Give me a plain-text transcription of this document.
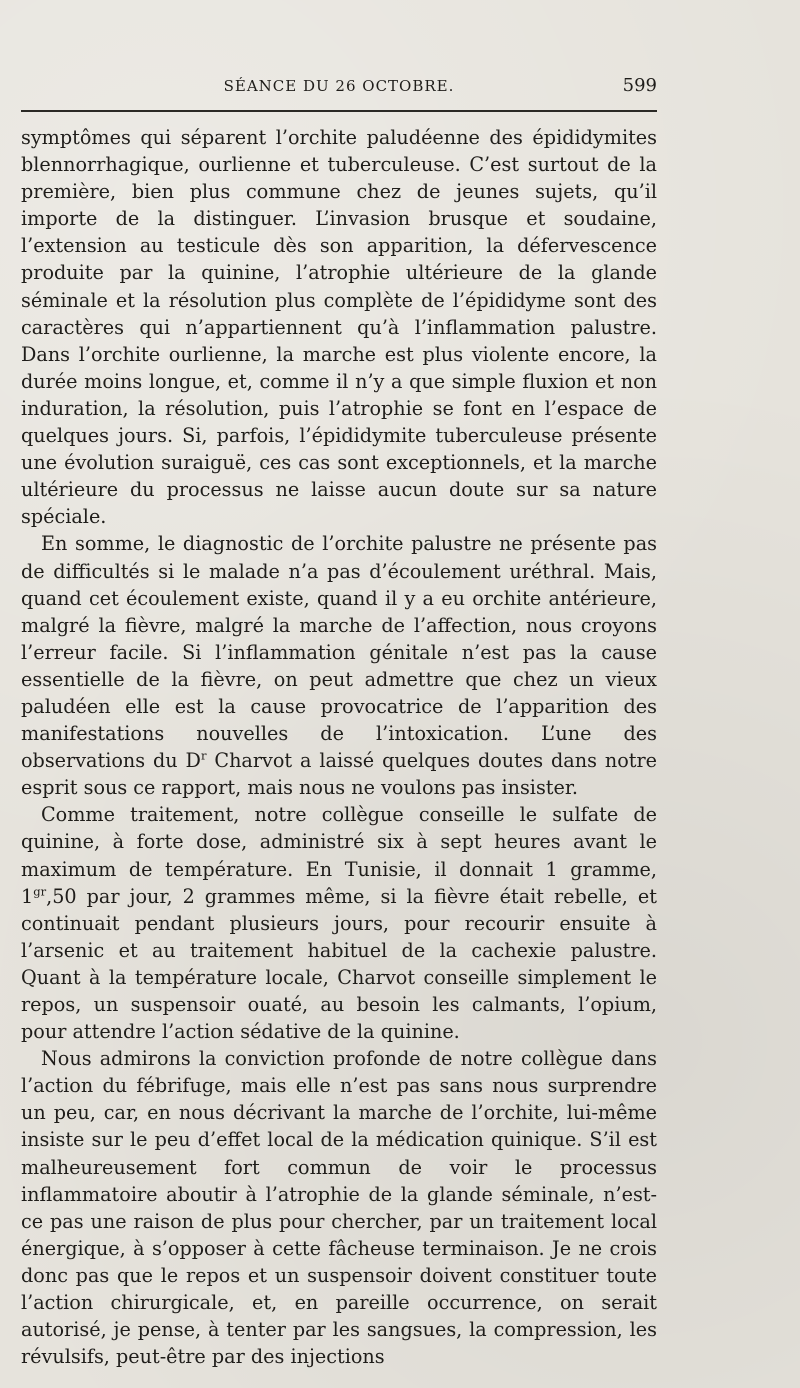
SÉANCE DU 26 OCTOBRE.	599

symptômes qui séparent l’orchite paludéenne des épididymites blennorrhagique, ourlienne et tuberculeuse. C’est surtout de la première, bien plus commune chez de jeunes sujets, qu’il importe de la distinguer. L’invasion brusque et soudaine, l’extension au testicule dès son apparition, la défervescence produite par la quinine, l’atrophie ultérieure de la glande séminale et la résolution plus complète de l’épididyme sont des caractères qui n’appartiennent qu’à l’inflammation palustre. Dans l’orchite ourlienne, la marche est plus violente encore, la durée moins longue, et, comme il n’y a que simple fluxion et non induration, la résolution, puis l’atrophie se font en l’espace de quelques jours. Si, parfois, l’épididymite tuberculeuse présente une évolution suraiguë, ces cas sont exceptionnels, et la marche ultérieure du processus ne laisse aucun doute sur sa nature spéciale.

En somme, le diagnostic de l’orchite palustre ne présente pas de difficultés si le malade n’a pas d’écoulement uréthral. Mais, quand cet écoulement existe, quand il y a eu orchite antérieure, malgré la fièvre, malgré la marche de l’affection, nous croyons l’erreur facile. Si l’inflammation génitale n’est pas la cause essentielle de la fièvre, on peut admettre que chez un vieux paludéen elle est la cause provocatrice de l’apparition des manifestations nouvelles de l’intoxication. L’une des observations du $D^r$ Charvot a laissé quelques doutes dans notre esprit sous ce rapport, mais nous ne voulons pas insister.

Comme traitement, notre collègue conseille le sulfate de quinine, à forte dose, administré six à sept heures avant le maximum de température. En Tunisie, il donnait 1 gramme, $1^{gr},50$ par jour, 2 grammes même, si la fièvre était rebelle, et continuait pendant plusieurs jours, pour recourir ensuite à l’arsenic et au traitement habituel de la cachexie palustre. Quant à la température locale, Charvot conseille simplement le repos, un suspensoir ouaté, au besoin les calmants, l’opium, pour attendre l’action sédative de la quinine.

Nous admirons la conviction profonde de notre collègue dans l’action du fébrifuge, mais elle n’est pas sans nous surprendre un peu, car, en nous décrivant la marche de l’orchite, lui-même insiste sur le peu d’effet local de la médication quinique. S’il est malheureusement fort commun de voir le processus inflammatoire aboutir à l’atrophie de la glande séminale, n’est-ce pas une raison de plus pour chercher, par un traitement local énergique, à s’opposer à cette fâcheuse terminaison. Je ne crois donc pas que le repos et un suspensoir doivent constituer toute l’action chirurgicale, et, en pareille occurrence, on serait autorisé, je pense, à tenter par les sangsues, la compression, les révulsifs, peut-être par des injections
